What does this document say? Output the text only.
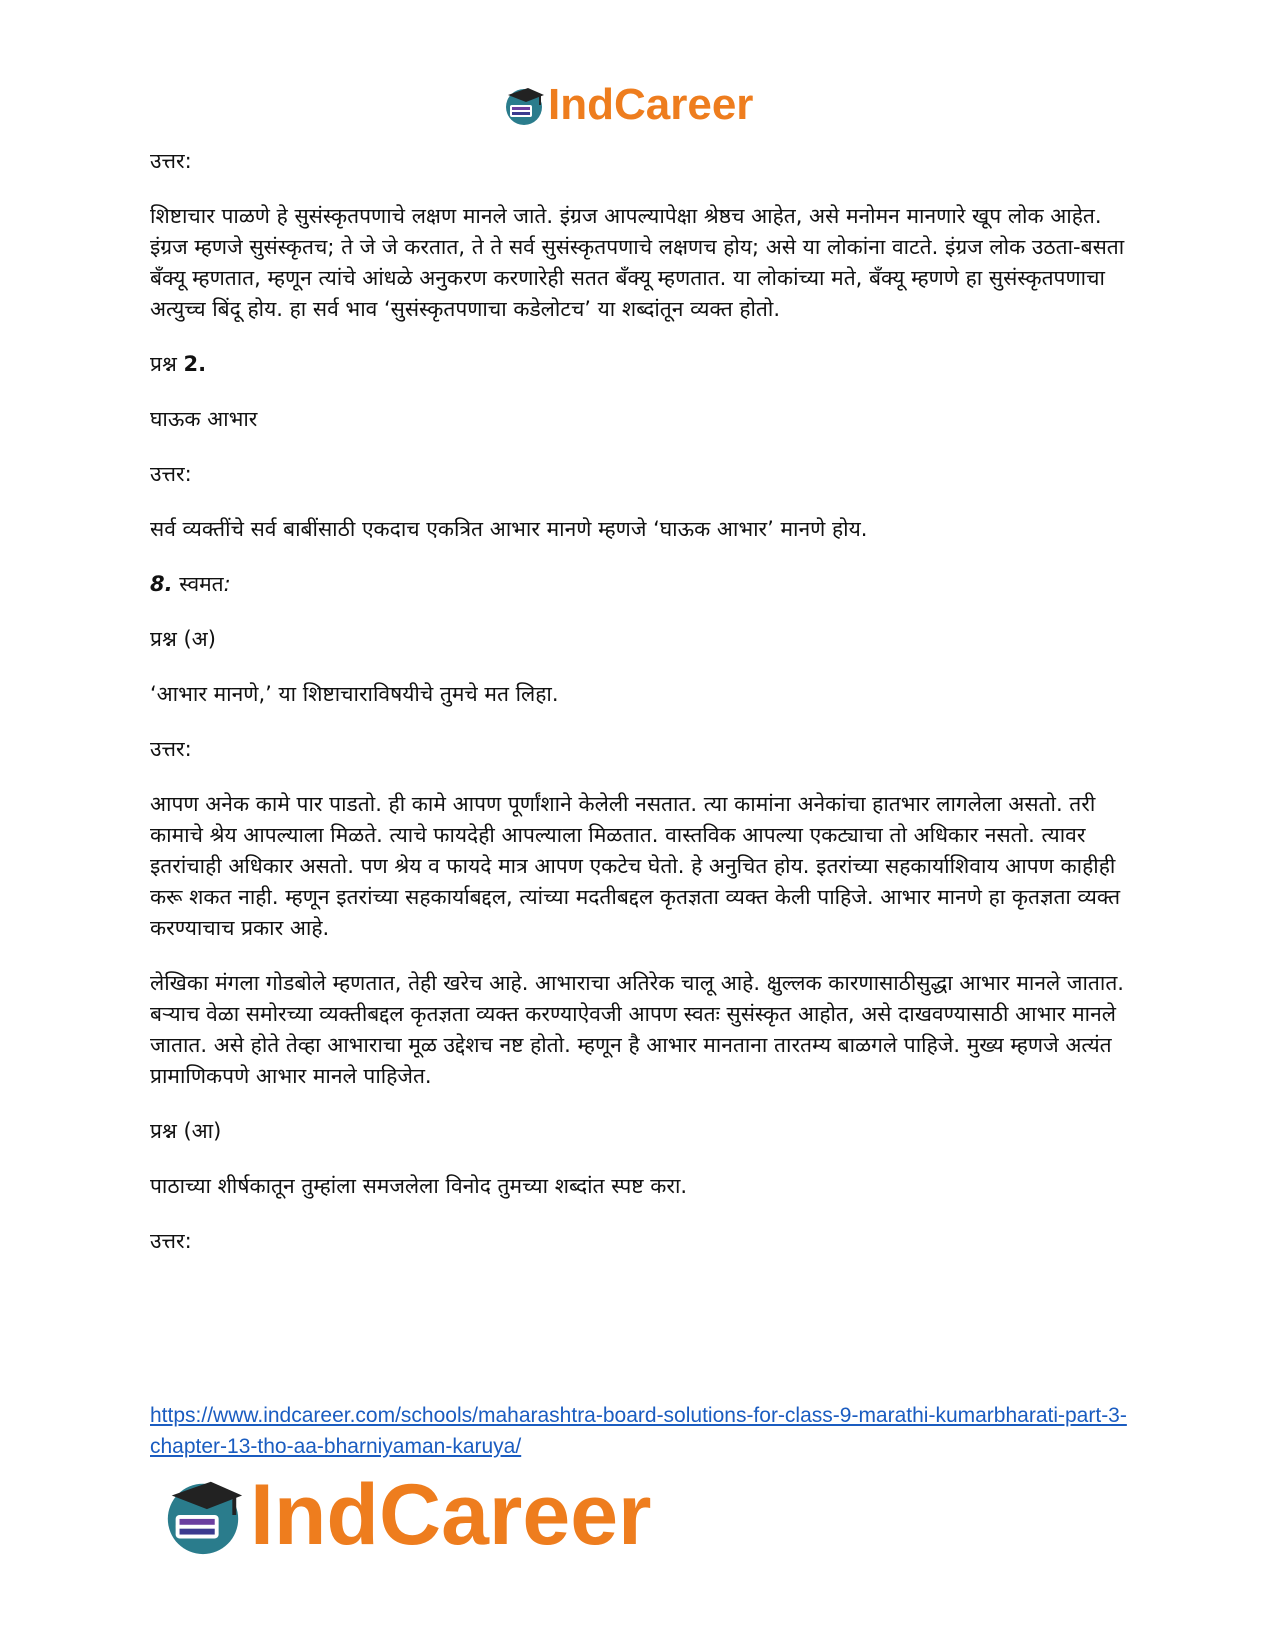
IndCareer

उत्तर:

शिष्टाचार पाळणे हे सुसंस्कृतपणाचे लक्षण मानले जाते. इंग्रज आपल्यापेक्षा श्रेष्ठच आहेत, असे मनोमन मानणारे खूप लोक आहेत. इंग्रज म्हणजे सुसंस्कृतच; ते जे जे करतात, ते ते सर्व सुसंस्कृतपणाचे लक्षणच होय; असे या लोकांना वाटते. इंग्रज लोक उठता-बसता बँक्यू म्हणतात, म्हणून त्यांचे आंधळे अनुकरण करणारेही सतत बँक्यू म्हणतात. या लोकांच्या मते, बँक्यू म्हणणे हा सुसंस्कृतपणाचा अत्युच्च बिंदू होय. हा सर्व भाव ‘सुसंस्कृतपणाचा कडेलोटच’ या शब्दांतून व्यक्त होतो.

प्रश्न 2.

घाऊक आभार

उत्तर:

सर्व व्यक्तींचे सर्व बाबींसाठी एकदाच एकत्रित आभार मानणे म्हणजे ‘घाऊक आभार’ मानणे होय.

8. स्वमत:

प्रश्न (अ)

‘आभार मानणे,’ या शिष्टाचाराविषयीचे तुमचे मत लिहा.

उत्तर:

आपण अनेक कामे पार पाडतो. ही कामे आपण पूर्णांशाने केलेली नसतात. त्या कामांना अनेकांचा हातभार लागलेला असतो. तरी कामाचे श्रेय आपल्याला मिळते. त्याचे फायदेही आपल्याला मिळतात. वास्तविक आपल्या एकट्याचा तो अधिकार नसतो. त्यावर इतरांचाही अधिकार असतो. पण श्रेय व फायदे मात्र आपण एकटेच घेतो. हे अनुचित होय. इतरांच्या सहकार्याशिवाय आपण काहीही करू शकत नाही. म्हणून इतरांच्या सहकार्याबद्दल, त्यांच्या मदतीबद्दल कृतज्ञता व्यक्त केली पाहिजे. आभार मानणे हा कृतज्ञता व्यक्त करण्याचाच प्रकार आहे.

लेखिका मंगला गोडबोले म्हणतात, तेही खरेच आहे. आभाराचा अतिरेक चालू आहे. क्षुल्लक कारणासाठीसुद्धा आभार मानले जातात. बऱ्याच वेळा समोरच्या व्यक्तीबद्दल कृतज्ञता व्यक्त करण्याऐवजी आपण स्वतः सुसंस्कृत आहोत, असे दाखवण्यासाठी आभार मानले जातात. असे होते तेव्हा आभाराचा मूळ उद्देशच नष्ट होतो. म्हणून है आभार मानताना तारतम्य बाळगले पाहिजे. मुख्य म्हणजे अत्यंत प्रामाणिकपणे आभार मानले पाहिजेत.

प्रश्न (आ)

पाठाच्या शीर्षकातून तुम्हांला समजलेला विनोद तुमच्या शब्दांत स्पष्ट करा.

उत्तर:

https://www.indcareer.com/schools/maharashtra-board-solutions-for-class-9-marathi-kumarbharati-part-3-chapter-13-tho-aa-bharniyaman-karuya/
IndCareer
